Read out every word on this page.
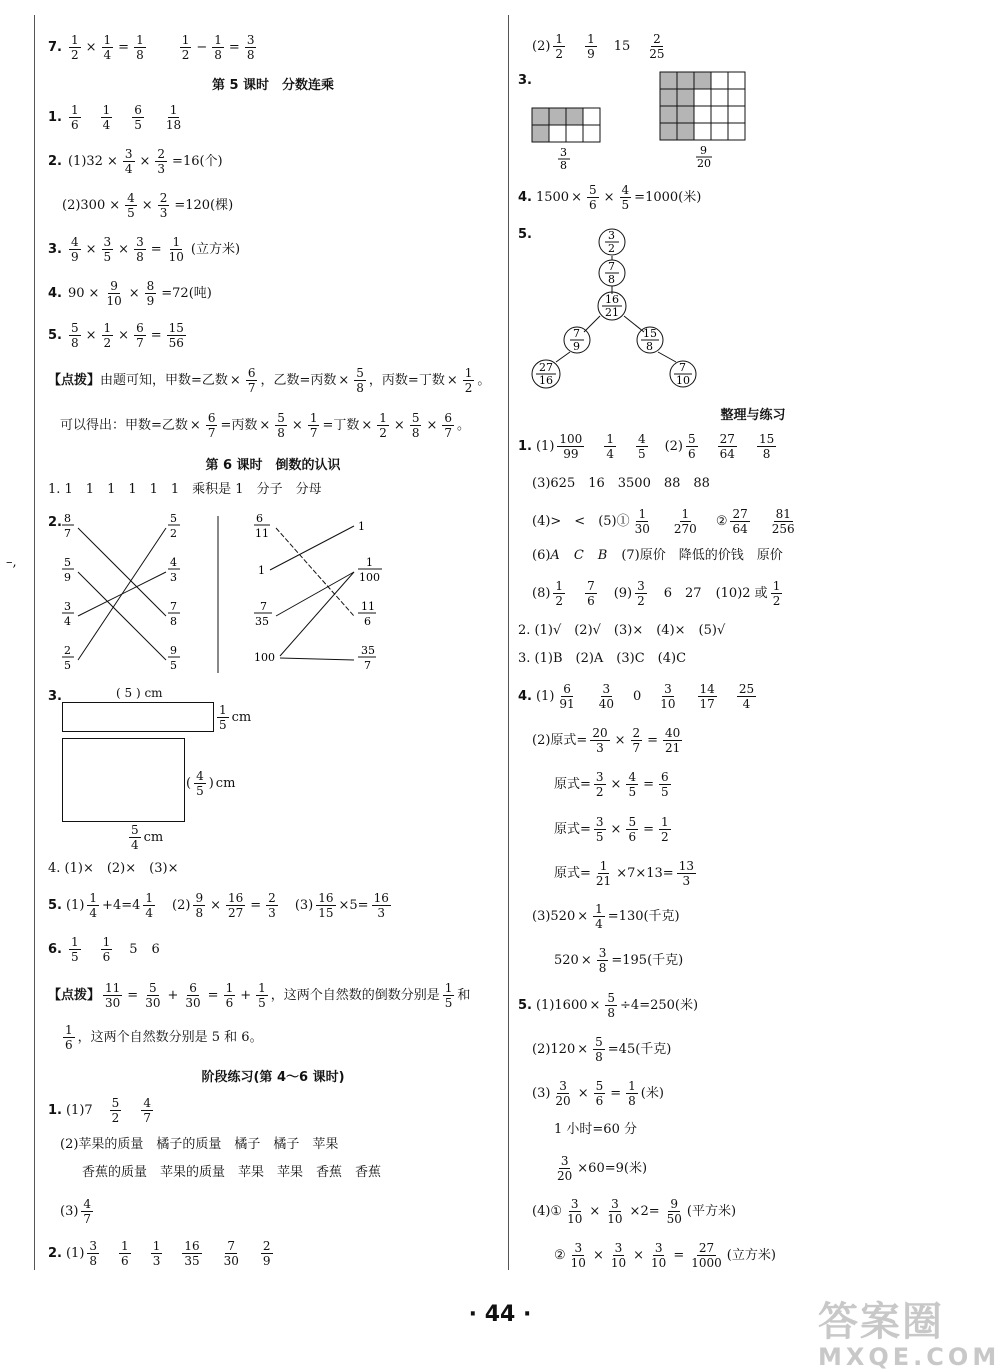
–,
7. $\frac{1}{2} \times \frac{1}{4} = \frac{1}{8}$	$\frac{1}{2} - \frac{1}{8} = \frac{3}{8}$
第 5 课时　分数连乘
1. $\frac{1}{6} \frac{1}{4} \frac{6}{5} \frac{1}{18}$
2. $(1)32 \times \frac{3}{4} \times \frac{2}{3} =16$(个)
$(2)300 \times \frac{4}{5} \times \frac{2}{3} =120$(棵)
3. $\frac{4}{9} \times \frac{3}{5} \times \frac{3}{8} = \frac{1}{10}$ (立方米)
4. $90 \times \frac{9}{10} \times \frac{8}{9} =72$(吨)
5. $\frac{5}{8} \times \frac{1}{2} \times \frac{6}{7} = \frac{15}{56}$
【点拨】 由题可知，甲数=乙数 × $\frac{6}{7}$ ，乙数=丙数 × $\frac{5}{8}$ ，丙数=丁数 × $\frac{1}{2}$ 。
可以得出：甲数=乙数 × $\frac{6}{7}$ =丙数 × $\frac{5}{8} \times \frac{1}{7}$ =丁数 × $\frac{1}{2} \times \frac{5}{8} \times \frac{6}{7}$ 。
第 6 课时　倒数的认识
1. 1　1　1　1　1　1　乘积是 1　分子　分母
2. 8
7
5
9
3
4
2
5
5
2
4
3
7
8
9
5
6
11
1
7
35
100
1
1
100
11
6
35
7
3.	( 5 ) cm
$\frac{1}{5}$ cm
( $\frac{4}{5}$ ) cm
$\frac{5}{4}$ cm
4. (1)×　(2)×　(3)×
5. $(1) \frac{1}{4} +4=4 \frac{1}{4} (2) \frac{9}{8} \times \frac{16}{27} = \frac{2}{3} (3) \frac{16}{15} \times 5= \frac{16}{3}$
6. $\frac{1}{5} \frac{1}{6} 5$ 6
【点拨】 $\frac{11}{30} = \frac{5}{30} + \frac{6}{30} = \frac{1}{6} + \frac{1}{5}$ ，这两个自然数的倒数分别是 $\frac{1}{5}$ 和
$\frac{1}{6}$ ，这两个自然数分别是 5 和 6。
阶段练习(第 4～6 课时)
1. $(1)7 \frac{5}{2} \frac{4}{7}$
(2)苹果的质量　橘子的质量　橘子　橘子　苹果
香蕉的质量　苹果的质量　苹果　苹果　香蕉　香蕉
$(3) \frac{4}{7}$
2. $(1) \frac{3}{8} \frac{1}{6} \frac{1}{3} \frac{16}{35} \frac{7}{30} \frac{2}{9}$
$(2) \frac{1}{2} \frac{1}{9} 15 \frac{2}{25}$
3.
3
8
9
20
4. $1500 \times \frac{5}{6} \times \frac{4}{5} =1000$(米)
5.	3
2
7
8
16
21
7
9
15
8
27
16
7
10
整理与练习
1. $(1) \frac{100}{99} \frac{1}{4} \frac{4}{5} (2) \frac{5}{6} \frac{27}{64} \frac{15}{8}$
(3)625　16　3500　88　88
(4)>　<　(5)① $\frac{1}{30} \frac{1}{270}$ ② $\frac{27}{64} \frac{81}{256}$
(6) A C B (7)原价　降低的价钱　原价
$(8) \frac{1}{2} \frac{7}{6} (9) \frac{3}{2} 6$　27 (10)2 或 $\frac{1}{2}$
2. (1)√　(2)√　(3)×　(4)×　(5)√
3. (1)B　(2)A　(3)C　(4)C
4. $(1) \frac{6}{91} \frac{3}{40} 0 \frac{3}{10} \frac{14}{17} \frac{25}{4}$
(2)原式= $\frac{20}{3} \times \frac{2}{7} = \frac{40}{21}$
原式= $\frac{3}{2} \times \frac{4}{5} = \frac{6}{5}$
原式= $\frac{3}{5} \times \frac{5}{6} = \frac{1}{2}$
原式= $\frac{1}{21} \times 7\times 13= \frac{13}{3}$
$(3)520 \times \frac{1}{4} =130$(千克)
$520 \times \frac{3}{8} =195$(千克)
5. $(1)1600 \times \frac{5}{8} \div 4=250$(米)
$(2)120 \times \frac{5}{8} =45$(千克)
$(3) \frac{3}{20} \times \frac{5}{6} = \frac{1}{8}$ (米)
1 小时=60 分
$\frac{3}{20} \times 60=9$(米)
(4)① $\frac{3}{10} \times \frac{3}{10} \times 2= \frac{9}{50}$ (平方米)
② $\frac{3}{10} \times \frac{3}{10} \times \frac{3}{10} = \frac{27}{1000}$ (立方米)
· 44 ·	答案圈
MXQE.COM
